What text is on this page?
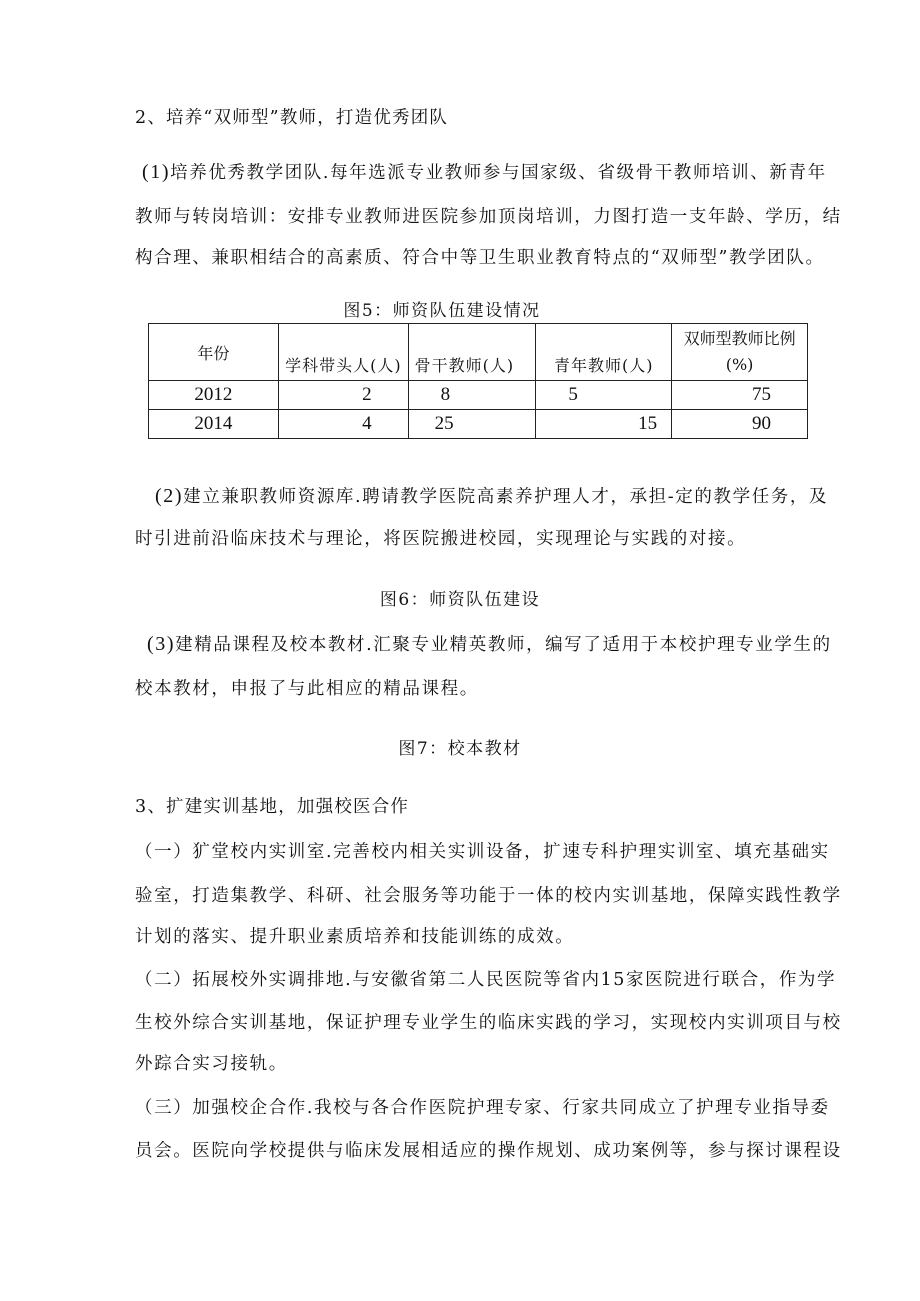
2、培养“双师型”教师，打造优秀团队
(1)培养优秀教学团队.每年选派专业教师参与国家级、省级骨干教师培训、新青年
教师与转岗培训：安排专业教师进医院参加顶岗培训，力图打造一支年龄、学历，结
构合理、兼职相结合的高素质、符合中等卫生职业教育特点的“双师型”教学团队。
图5：师资队伍建设情况
年份	学科带头人(人)	骨干教师(人)	青年教师(人)	双师型教师比例
(%)

2012	2	8	5	75
2014	4	25	15	90
(2)建立兼职教师资源库.聘请教学医院高素养护理人才，承担-定的教学任务，及
时引进前沿临床技术与理论，将医院搬进校园，实现理论与实践的对接。
图6：师资队伍建设
(3)建精品课程及校本教材.汇聚专业精英教师，编写了适用于本校护理专业学生的
校本教材，申报了与此相应的精品课程。
图7：校本教材
3、扩建实训基地，加强校医合作
（一）犷堂校内实训室.完善校内相关实训设备，扩速专科护理实训室、填充基础实
验室，打造集教学、科研、社会服务等功能于一体的校内实训基地，保障实践性教学
计划的落实、提升职业素质培养和技能训练的成效。
（二）拓展校外实调排地.与安徽省第二人民医院等省内15家医院进行联合，作为学
生校外综合实训基地，保证护理专业学生的临床实践的学习，实现校内实训项目与校
外踪合实习接轨。
（三）加强校企合作.我校与各合作医院护理专家、行家共同成立了护理专业指导委
员会。医院向学校提供与临床发展相适应的操作规划、成功案例等，参与探讨课程设
